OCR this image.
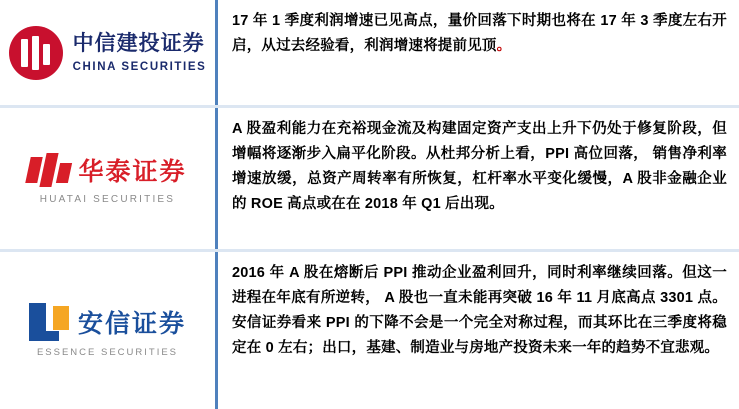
中信建投证券
CHINA SECURITIES

17 年 1 季度利润增速已见高点，量价回落下时期也将在 17 年 3 季度左右开启，从过去经验看，利润增速将提前见顶。

华泰证券
HUATAI SECURITIES

A 股盈利能力在充裕现金流及构建固定资产支出上升下仍处于修复阶段，但增幅将逐渐步入扁平化阶段。从杜邦分析上看，PPI 高位回落， 销售净利率增速放缓，总资产周转率有所恢复，杠杆率水平变化缓慢，A 股非金融企业的 ROE 高点或在在 2018 年 Q1 后出现。

安信证券
ESSENCE SECURITIES

2016 年 A 股在熔断后 PPI 推动企业盈利回升，同时利率继续回落。但这一进程在年底有所逆转， A 股也一直未能再突破 16 年 11 月底高点 3301 点。安信证券看来 PPI 的下降不会是一个完全对称过程，而其环比在三季度将稳定在 0 左右；出口，基建、制造业与房地产投资未来一年的趋势不宜悲观。
